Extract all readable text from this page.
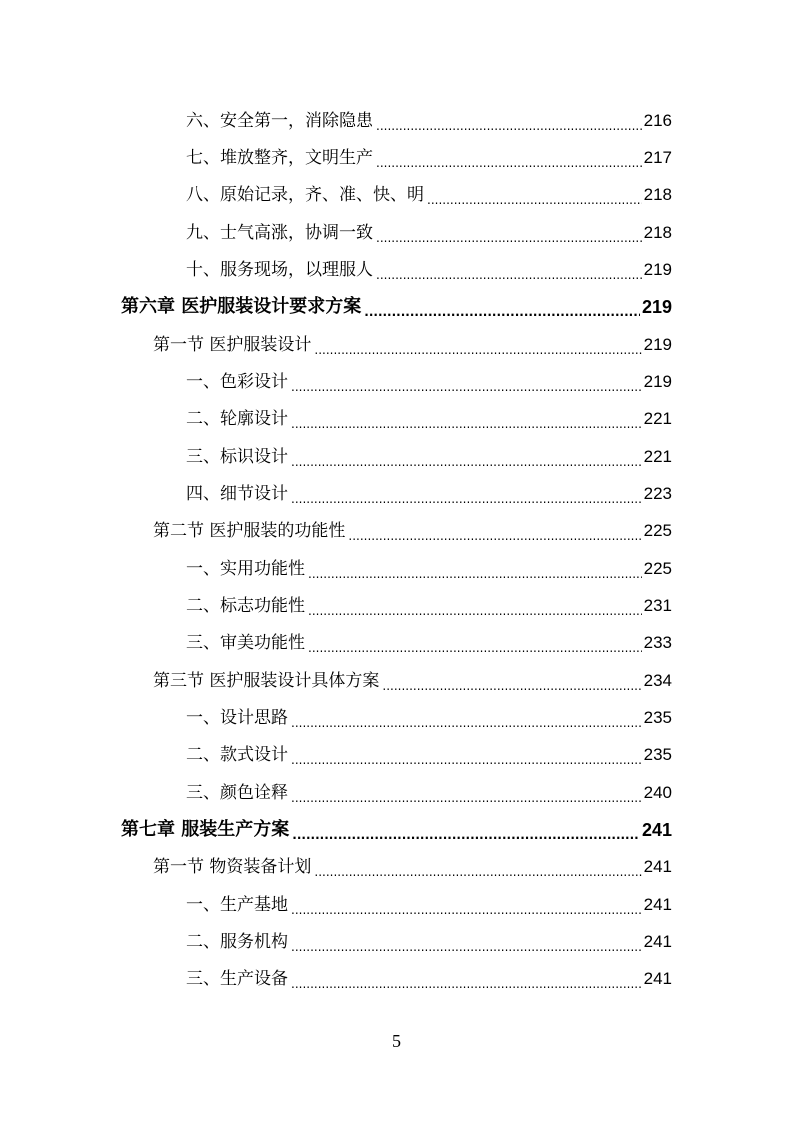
六、安全第一，消除隐患 .....	216
七、堆放整齐，文明生产 .....	217
八、原始记录，齐、准、快、明 .....	218
九、士气高涨，协调一致 .....	218
十、服务现场，以理服人 .....	219
第六章 医护服装设计要求方案 .....	219
第一节 医护服装设计 .....	219
一、色彩设计 .....	219
二、轮廓设计 .....	221
三、标识设计 .....	221
四、细节设计 .....	223
第二节 医护服装的功能性 .....	225
一、实用功能性 .....	225
二、标志功能性 .....	231
三、审美功能性 .....	233
第三节 医护服装设计具体方案 .....	234
一、设计思路 .....	235
二、款式设计 .....	235
三、颜色诠释 .....	240
第七章 服装生产方案 .....	241
第一节 物资装备计划 .....	241
一、生产基地 .....	241
二、服务机构 .....	241
三、生产设备 .....	241
5
